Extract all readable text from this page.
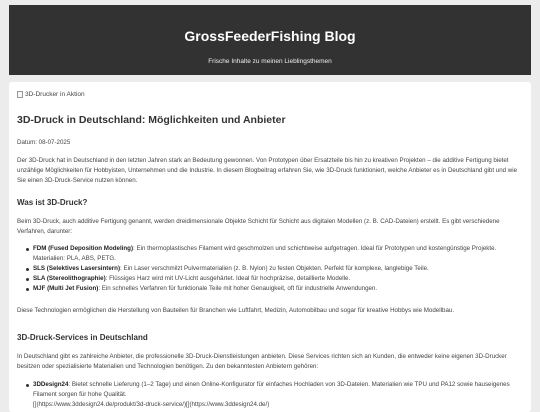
GrossFeederFishing Blog
Frische Inhalte zu meinen Lieblingsthemen
3D-Drucker in Aktion
3D-Druck in Deutschland: Möglichkeiten und Anbieter

Datum: 08-07-2025

Der 3D-Druck hat in Deutschland in den letzten Jahren stark an Bedeutung gewonnen. Von Prototypen über Ersatzteile bis hin zu kreativen Projekten – die additive Fertigung bietet unzählige Möglichkeiten für Hobbyisten, Unternehmen und die Industrie. In diesem Blogbeitrag erfahren Sie, wie 3D-Druck funktioniert, welche Anbieter es in Deutschland gibt und wie Sie einen 3D-Druck-Service nutzen können.

Was ist 3D-Druck?

Beim 3D-Druck, auch additive Fertigung genannt, werden dreidimensionale Objekte Schicht für Schicht aus digitalen Modellen (z. B. CAD-Dateien) erstellt. Es gibt verschiedene Verfahren, darunter:

FDM (Fused Deposition Modeling): Ein thermoplastisches Filament wird geschmolzen und schichtweise aufgetragen. Ideal für Prototypen und kostengünstige Projekte. Materialien: PLA, ABS, PETG.
SLS (Selektives Lasersintern): Ein Laser verschmilzt Pulvermaterialien (z. B. Nylon) zu festen Objekten. Perfekt für komplexe, langlebige Teile.
SLA (Stereolithographie): Flüssiges Harz wird mit UV-Licht ausgehärtet. Ideal für hochpräzise, detaillierte Modelle.
MJF (Multi Jet Fusion): Ein schnelles Verfahren für funktionale Teile mit hoher Genauigkeit, oft für industrielle Anwendungen.

Diese Technologien ermöglichen die Herstellung von Bauteilen für Branchen wie Luftfahrt, Medizin, Automobilbau und sogar für kreative Hobbys wie Modellbau.

3D-Druck-Services in Deutschland

In Deutschland gibt es zahlreiche Anbieter, die professionelle 3D-Druck-Dienstleistungen anbieten. Diese Services richten sich an Kunden, die entweder keine eigenen 3D-Drucker besitzen oder spezialisierte Materialien und Technologien benötigen. Zu den bekanntesten Anbietern gehören:

3DDesign24: Bietet schnelle Lieferung (1–2 Tage) und einen Online-Konfigurator für einfaches Hochladen von 3D-Dateien. Materialien wie TPU und PA12 sowie hauseigenes Filament sorgen für hohe Qualität.
[](https://www.3ddesign24.de/produkt/3d-druck-service/)[](https://www.3ddesign24.de/)
